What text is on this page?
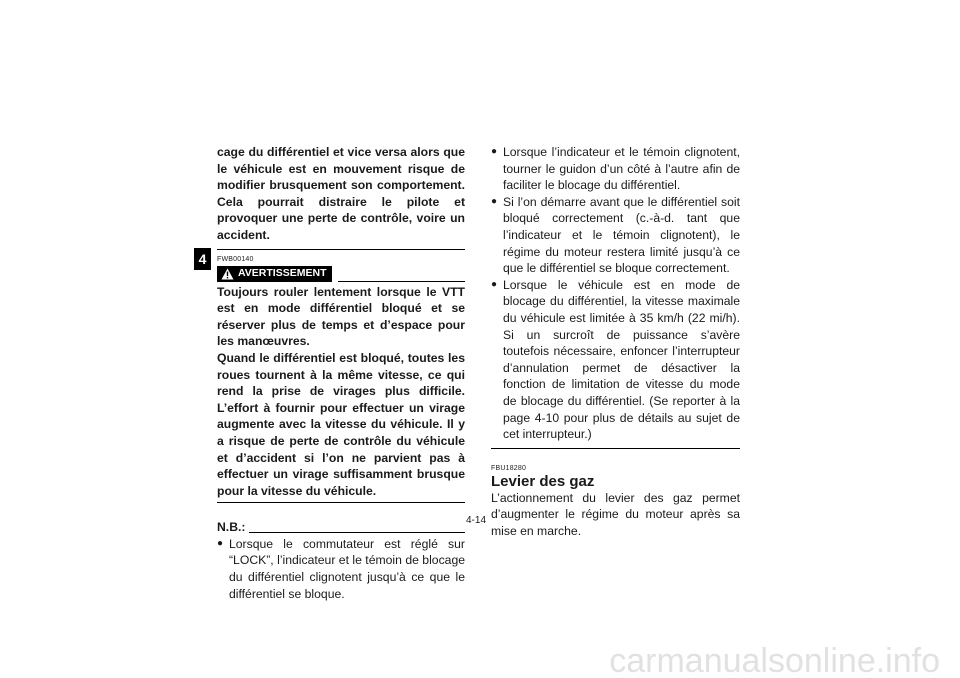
4
cage du différentiel et vice versa alors que le véhicule est en mouvement risque de modifier brusquement son comportement. Cela pourrait distraire le pilote et provoquer une perte de contrôle, voire un accident.
FWB00140
AVERTISSEMENT
Toujours rouler lentement lorsque le VTT est en mode différentiel bloqué et se réserver plus de temps et d’espace pour les manœuvres.
Quand le différentiel est bloqué, toutes les roues tournent à la même vitesse, ce qui rend la prise de virages plus difficile. L’effort à fournir pour effectuer un virage augmente avec la vitesse du véhicule. Il y a risque de perte de contrôle du véhicule et d’accident si l’on ne parvient pas à effectuer un virage suffisamment brusque pour la vitesse du véhicule.
N.B.:
● Lorsque le commutateur est réglé sur “LOCK”, l’indicateur et le témoin de blocage du différentiel clignotent jusqu’à ce que le différentiel se bloque.
● Lorsque l’indicateur et le témoin clignotent, tourner le guidon d’un côté à l’autre afin de faciliter le blocage du différentiel.
● Si l’on démarre avant que le différentiel soit bloqué correctement (c.-à-d. tant que l’indicateur et le témoin clignotent), le régime du moteur restera limité jusqu’à ce que le différentiel se bloque correctement.
● Lorsque le véhicule est en mode de blocage du différentiel, la vitesse maximale du véhicule est limitée à 35 km/h (22 mi/h). Si un surcroît de puissance s’avère toutefois nécessaire, enfoncer l’interrupteur d’annulation permet de désactiver la fonction de limitation de vitesse du mode de blocage du différentiel. (Se reporter à la page 4-10 pour plus de détails au sujet de cet interrupteur.)
FBU18280
Levier des gaz
L’actionnement du levier des gaz permet d’augmenter le régime du moteur après sa mise en marche.
4-14
carmanualsonline.info
